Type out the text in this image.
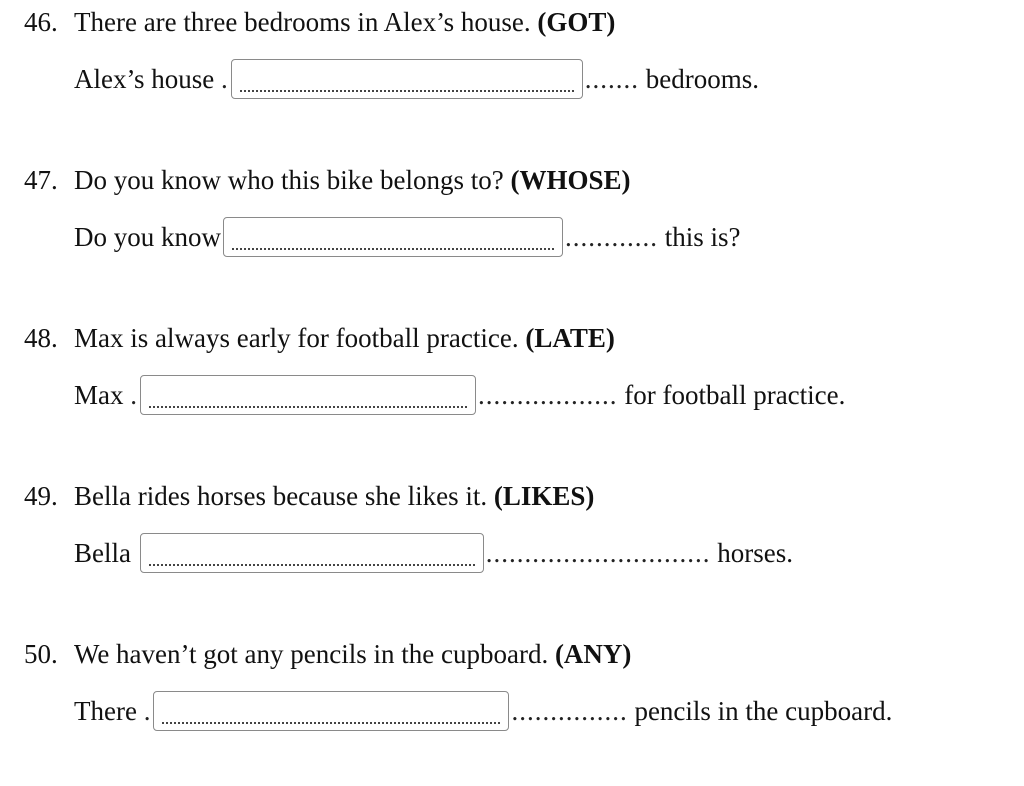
46. There are three bedrooms in Alex’s house. (GOT)
Alex’s house .	....... bedrooms.
47. Do you know who this bike belongs to? (WHOSE)
Do you know	............ this is?
48. Max is always early for football practice. (LATE)
Max .	.................. for football practice.
49. Bella rides horses because she likes it. (LIKES)
Bella	............................. horses.
50. We haven’t got any pencils in the cupboard. (ANY)
There .	............... pencils in the cupboard.
